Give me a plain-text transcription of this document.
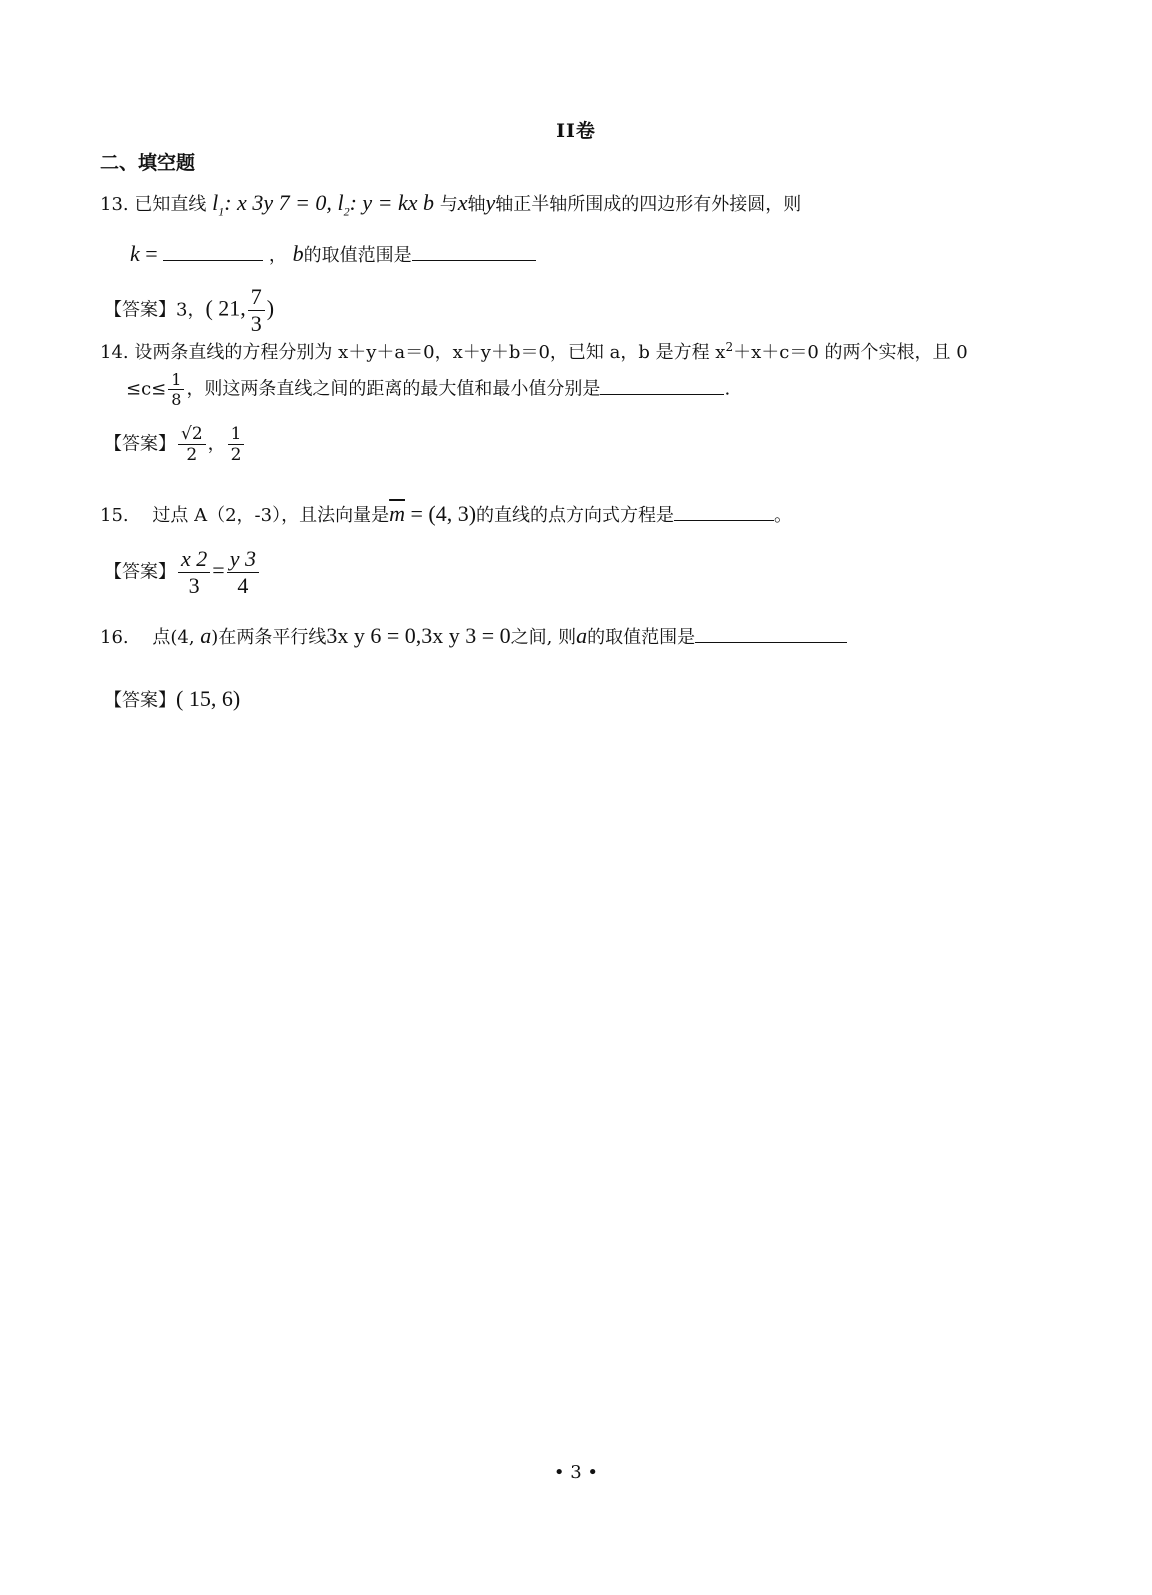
II卷
二、填空题
13. 已知直线 $l_1$: x 3y 7 = 0, $l_2$: y = kx b 与x轴y轴正半轴所围成的四边形有外接圆，则
k =	， b的取值范围是
【答案】3，( 21, $\frac{7}{3}$ )
14. 设两条直线的方程分别为 x＋y＋a＝0，x＋y＋b＝0，已知 a，b 是方程 $x^2+x+c=0$ 的两个实根，且 0
$\le c\le \frac{1}{8}$ ，则这两条直线之间的距离的最大值和最小值分别是	.
【答案】 $\frac{√2}{2}$ ， $\frac{1}{2}$
15. 过点 A（2，-3），且法向量是$\overline{m} = (4$, 3)的直线的点方向式方程是	。
【答案】 $\frac{x 2}{3} = \frac{y 3}{4}$
16. 点(4, a)在两条平行线3x y 6 = 0,3x y 3 = 0之间, 则a的取值范围是
【答案】( 15, 6)
• 3 •
